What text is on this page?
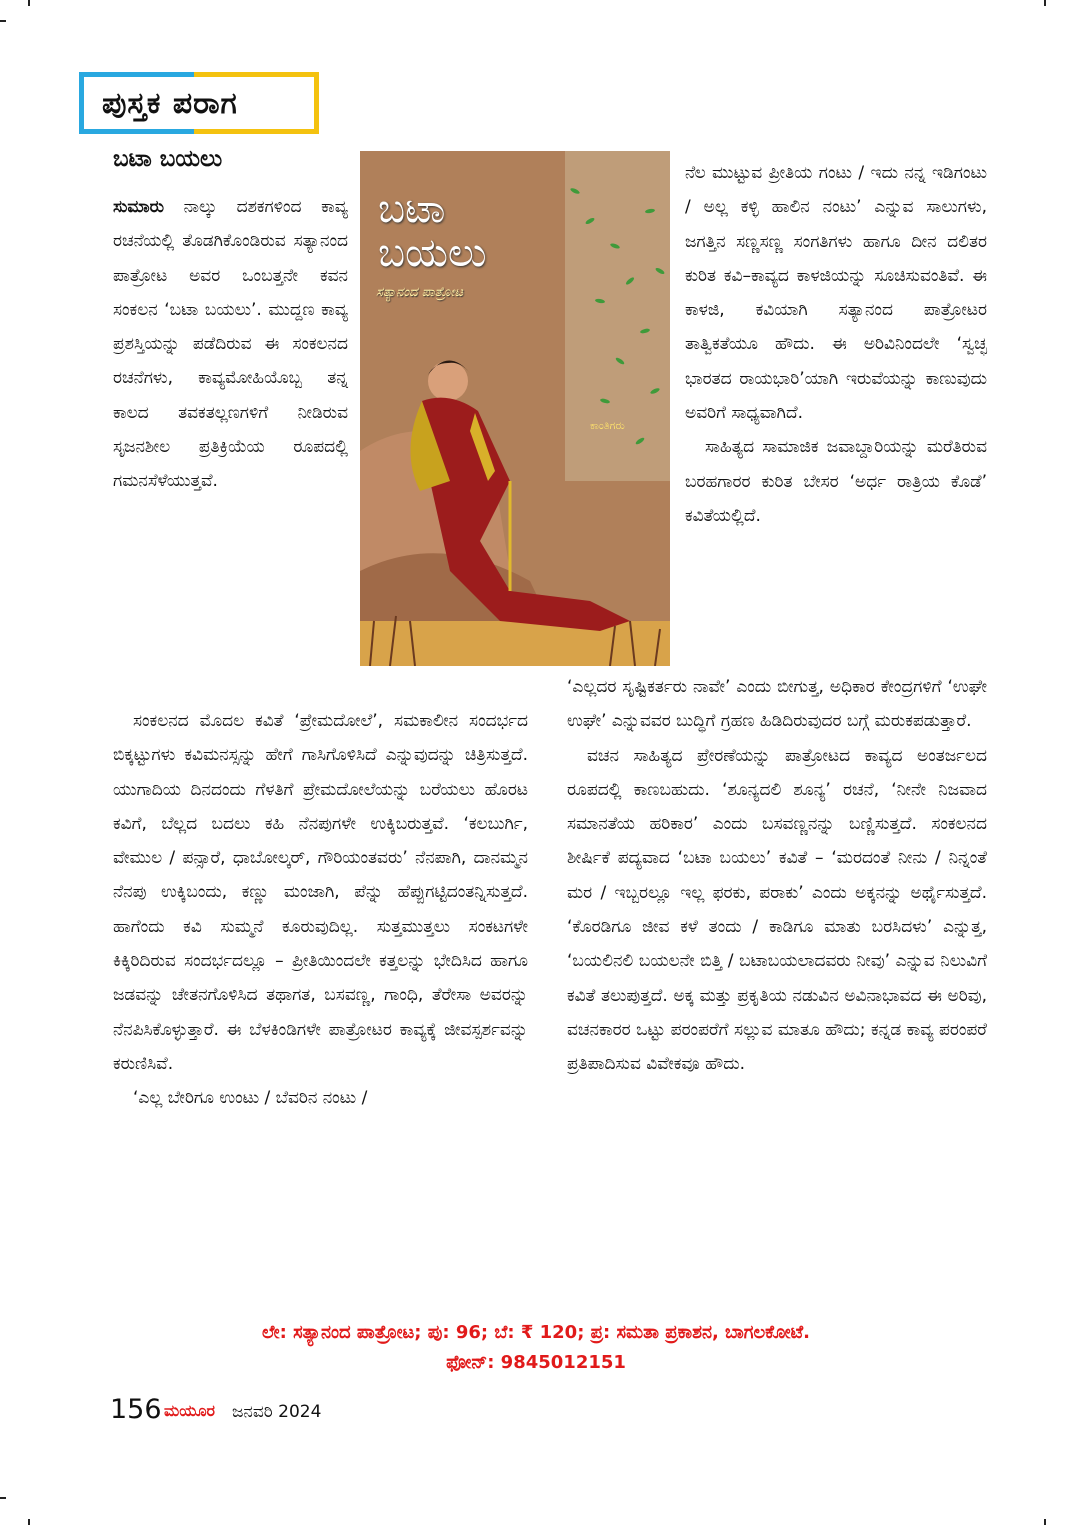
ಪುಸ್ತಕ ಪರಾಗ
ಬಟಾ ಬಯಲು
ಬಟಾ
ಬಯಲು
ಸತ್ಯಾನಂದ ಪಾತ್ರೋಟ
ಕಾಂತಿಗರು

ಸುಮಾರು ನಾಲ್ಕು ದಶಕಗಳಿಂದ ಕಾವ್ಯ ರಚನೆಯಲ್ಲಿ ತೊಡಗಿಕೊಂಡಿರುವ ಸತ್ಯಾನಂದ ಪಾತ್ರೋಟ ಅವರ ಒಂಬತ್ತನೇ ಕವನ ಸಂಕಲನ ‘ಬಟಾ ಬಯಲು’. ಮುದ್ದಣ ಕಾವ್ಯ ಪ್ರಶಸ್ತಿಯನ್ನು ಪಡೆದಿರುವ ಈ ಸಂಕಲನದ ರಚನೆಗಳು, ಕಾವ್ಯಮೋಹಿಯೊಬ್ಬ ತನ್ನ ಕಾಲದ ತವಕತಲ್ಲಣಗಳಿಗೆ ನೀಡಿರುವ ಸೃಜನಶೀಲ ಪ್ರತಿಕ್ರಿಯೆಯ ರೂಪದಲ್ಲಿ ಗಮನಸೆಳೆಯುತ್ತವೆ.

ಸಂಕಲನದ ಮೊದಲ ಕವಿತೆ ‘ಪ್ರೇಮದೋಲೆ’, ಸಮಕಾಲೀನ ಸಂದರ್ಭದ ಬಿಕ್ಕಟ್ಟುಗಳು ಕವಿಮನಸ್ಸನ್ನು ಹೇಗೆ ಗಾಸಿಗೊಳಿಸಿದೆ ಎನ್ನುವುದನ್ನು ಚಿತ್ರಿಸುತ್ತದೆ. ಯುಗಾದಿಯ ದಿನದಂದು ಗೆಳತಿಗೆ ಪ್ರೇಮದೋಲೆಯನ್ನು ಬರೆಯಲು ಹೊರಟ ಕವಿಗೆ, ಬೆಲ್ಲದ ಬದಲು ಕಹಿ ನೆನಪುಗಳೇ ಉಕ್ಕಿಬರುತ್ತವೆ. ‘ಕಲಬುರ್ಗಿ, ವೇಮುಲ / ಪನ್ಸಾರೆ, ಧಾಬೋಲ್ಕರ್, ಗೌರಿಯಂತವರು’ ನೆನಪಾಗಿ, ದಾನಮ್ಮನ ನೆನಪು ಉಕ್ಕಿಬಂದು, ಕಣ್ಣು ಮಂಜಾಗಿ, ಪೆನ್ನು ಹೆಪ್ಪುಗಟ್ಟಿದಂತನ್ನಿಸುತ್ತದೆ. ಹಾಗೆಂದು ಕವಿ ಸುಮ್ಮನೆ ಕೂರುವುದಿಲ್ಲ. ಸುತ್ತಮುತ್ತಲು ಸಂಕಟಗಳೇ ಕಿಕ್ಕಿರಿದಿರುವ ಸಂದರ್ಭದಲ್ಲೂ – ಪ್ರೀತಿಯಿಂದಲೇ ಕತ್ತಲನ್ನು ಭೇದಿಸಿದ ಹಾಗೂ ಜಡವನ್ನು ಚೇತನಗೊಳಿಸಿದ ತಥಾಗತ, ಬಸವಣ್ಣ, ಗಾಂಧಿ, ತೆರೇಸಾ ಅವರನ್ನು ನೆನಪಿಸಿಕೊಳ್ಳುತ್ತಾರೆ. ಈ ಬೆಳಕಿಂಡಿಗಳೇ ಪಾತ್ರೋಟರ ಕಾವ್ಯಕ್ಕೆ ಜೀವಸ್ಪರ್ಶವನ್ನು ಕರುಣಿಸಿವೆ.

‘ಎಲ್ಲ ಬೇರಿಗೂ ಉಂಟು / ಬೆವರಿನ ನಂಟು /

ನೆಲ ಮುಟ್ಟುವ ಪ್ರೀತಿಯ ಗಂಟು / ಇದು ನನ್ನ ಇಡಿಗಂಟು / ಅಲ್ಲ ಕಳ್ಳಿ ಹಾಲಿನ ನಂಟು’ ಎನ್ನುವ ಸಾಲುಗಳು, ಜಗತ್ತಿನ ಸಣ್ಣಸಣ್ಣ ಸಂಗತಿಗಳು ಹಾಗೂ ದೀನ ದಲಿತರ ಕುರಿತ ಕವಿ–ಕಾವ್ಯದ ಕಾಳಜಿಯನ್ನು ಸೂಚಿಸುವಂತಿವೆ. ಈ ಕಾಳಜಿ, ಕವಿಯಾಗಿ ಸತ್ಯಾನಂದ ಪಾತ್ರೋಟರ ತಾತ್ವಿಕತೆಯೂ ಹೌದು. ಈ ಅರಿವಿನಿಂದಲೇ ‘ಸ್ವಚ್ಛ ಭಾರತದ ರಾಯಭಾರಿ’ಯಾಗಿ ಇರುವೆಯನ್ನು ಕಾಣುವುದು ಅವರಿಗೆ ಸಾಧ್ಯವಾಗಿದೆ.

ಸಾಹಿತ್ಯದ ಸಾಮಾಜಿಕ ಜವಾಬ್ದಾರಿಯನ್ನು ಮರೆತಿರುವ ಬರಹಗಾರರ ಕುರಿತ ಬೇಸರ ‘ಅರ್ಧ ರಾತ್ರಿಯ ಕೊಡೆ’ ಕವಿತೆಯಲ್ಲಿದೆ.

‘ಎಲ್ಲದರ ಸೃಷ್ಟಿಕರ್ತರು ನಾವೇ’ ಎಂದು ಬೀಗುತ್ತ, ಅಧಿಕಾರ ಕೇಂದ್ರಗಳಿಗೆ ‘ಉಘೇ ಉಘೇ’ ಎನ್ನುವವರ ಬುದ್ಧಿಗೆ ಗ್ರಹಣ ಹಿಡಿದಿರುವುದರ ಬಗ್ಗೆ ಮರುಕಪಡುತ್ತಾರೆ.

ವಚನ ಸಾಹಿತ್ಯದ ಪ್ರೇರಣೆಯನ್ನು ಪಾತ್ರೋಟದ ಕಾವ್ಯದ ಅಂತರ್ಜಲದ ರೂಪದಲ್ಲಿ ಕಾಣಬಹುದು. ‘ಶೂನ್ಯದಲಿ ಶೂನ್ಯ’ ರಚನೆ, ‘ನೀನೇ ನಿಜವಾದ ಸಮಾನತೆಯ ಹರಿಕಾರ’ ಎಂದು ಬಸವಣ್ಣನನ್ನು ಬಣ್ಣಿಸುತ್ತದೆ. ಸಂಕಲನದ ಶೀರ್ಷಿಕೆ ಪದ್ಯವಾದ ‘ಬಟಾ ಬಯಲು’ ಕವಿತೆ – ‘ಮರದಂತೆ ನೀನು / ನಿನ್ನಂತೆ ಮರ / ಇಬ್ಬರಲ್ಲೂ ಇಲ್ಲ ಫರಕು, ಪರಾಕು’ ಎಂದು ಅಕ್ಕನನ್ನು ಅರ್ಥೈಸುತ್ತದೆ. ‘ಕೊರಡಿಗೂ ಜೀವ ಕಳೆ ತಂದು / ಕಾಡಿಗೂ ಮಾತು ಬರಸಿದಳು’ ಎನ್ನುತ್ತ, ‘ಬಯಲಿನಲಿ ಬಯಲನೇ ಬಿತ್ತಿ / ಬಟಾಬಯಲಾದವರು ನೀವು’ ಎನ್ನುವ ನಿಲುವಿಗೆ ಕವಿತೆ ತಲುಪುತ್ತದೆ. ಅಕ್ಕ ಮತ್ತು ಪ್ರಕೃತಿಯ ನಡುವಿನ ಅವಿನಾಭಾವದ ಈ ಅರಿವು, ವಚನಕಾರರ ಒಟ್ಟು ಪರಂಪರೆಗೆ ಸಲ್ಲುವ ಮಾತೂ ಹೌದು; ಕನ್ನಡ ಕಾವ್ಯ ಪರಂಪರೆ ಪ್ರತಿಪಾದಿಸುವ ವಿವೇಕವೂ ಹೌದು.

ಲೇ: ಸತ್ಯಾನಂದ ಪಾತ್ರೋಟ; ಪು: 96; ಬೆ: ₹ 120; ಪ್ರ: ಸಮತಾ ಪ್ರಕಾಶನ, ಬಾಗಲಕೋಟೆ.
ಫೋನ್: 9845012151
156 ಮಯೂರ ಜನವರಿ 2024
